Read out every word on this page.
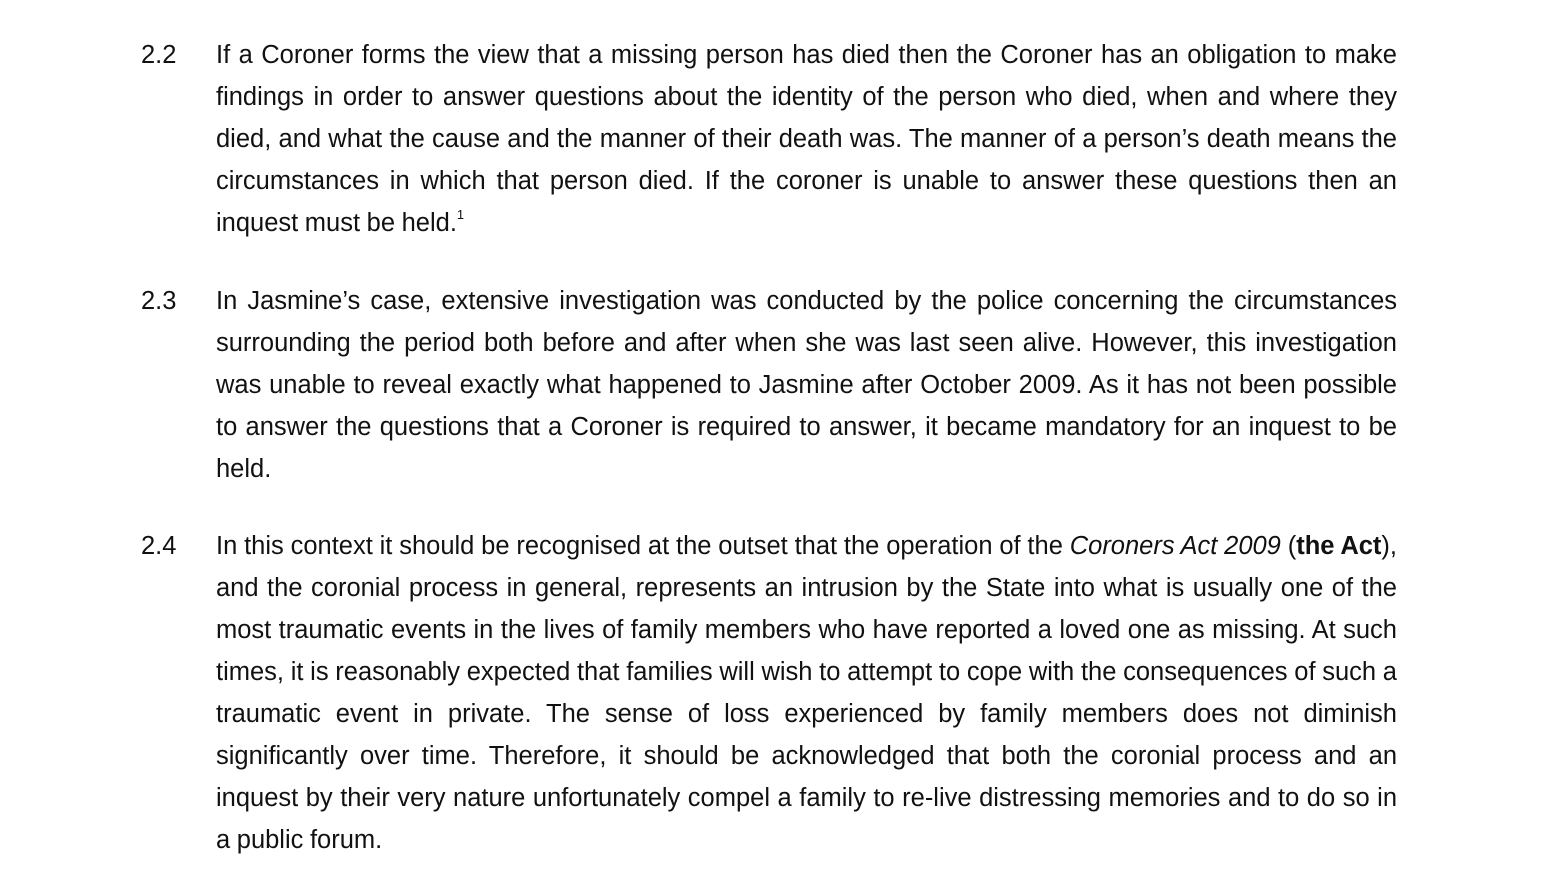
2.2	If a Coroner forms the view that a missing person has died then the Coroner has an obligation to make findings in order to answer questions about the identity of the person who died, when and where they died, and what the cause and the manner of their death was. The manner of a person’s death means the circumstances in which that person died. If the coroner is unable to answer these questions then an inquest must be held.$^1$
2.3	In Jasmine’s case, extensive investigation was conducted by the police concerning the circumstances surrounding the period both before and after when she was last seen alive. However, this investigation was unable to reveal exactly what happened to Jasmine after October 2009. As it has not been possible to answer the questions that a Coroner is required to answer, it became mandatory for an inquest to be held.
2.4	In this context it should be recognised at the outset that the operation of the Coroners Act 2009 (the Act), and the coronial process in general, represents an intrusion by the State into what is usually one of the most traumatic events in the lives of family members who have reported a loved one as missing. At such times, it is reasonably expected that families will wish to attempt to cope with the consequences of such a traumatic event in private. The sense of loss experienced by family members does not diminish significantly over time. Therefore, it should be acknowledged that both the coronial process and an inquest by their very nature unfortunately compel a family to re-live distressing memories and to do so in a public forum.
